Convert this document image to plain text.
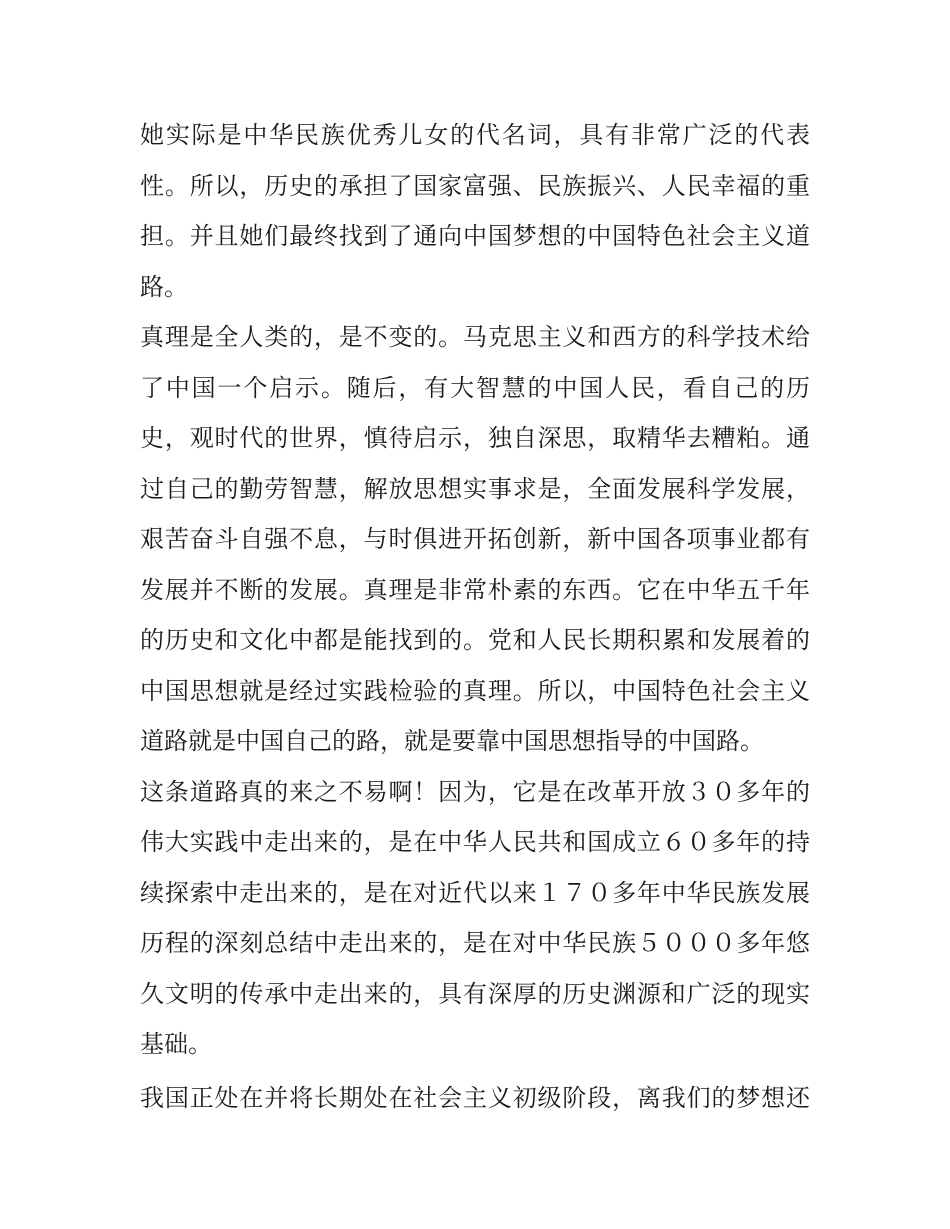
她实际是中华民族优秀儿女的代名词，具有非常广泛的代表
性。所以，历史的承担了国家富强、民族振兴、人民幸福的重
担。并且她们最终找到了通向中国梦想的中国特色社会主义道
路。
真理是全人类的，是不变的。马克思主义和西方的科学技术给
了中国一个启示。随后，有大智慧的中国人民，看自己的历
史，观时代的世界，慎待启示，独自深思，取精华去糟粕。通
过自己的勤劳智慧，解放思想实事求是，全面发展科学发展，
艰苦奋斗自强不息，与时俱进开拓创新，新中国各项事业都有
发展并不断的发展。真理是非常朴素的东西。它在中华五千年
的历史和文化中都是能找到的。党和人民长期积累和发展着的
中国思想就是经过实践检验的真理。所以，中国特色社会主义
道路就是中国自己的路，就是要靠中国思想指导的中国路。
这条道路真的来之不易啊！因为，它是在改革开放３０多年的
伟大实践中走出来的，是在中华人民共和国成立６０多年的持
续探索中走出来的，是在对近代以来１７０多年中华民族发展
历程的深刻总结中走出来的，是在对中华民族５０００多年悠
久文明的传承中走出来的，具有深厚的历史渊源和广泛的现实
基础。
我国正处在并将长期处在社会主义初级阶段，离我们的梦想还
